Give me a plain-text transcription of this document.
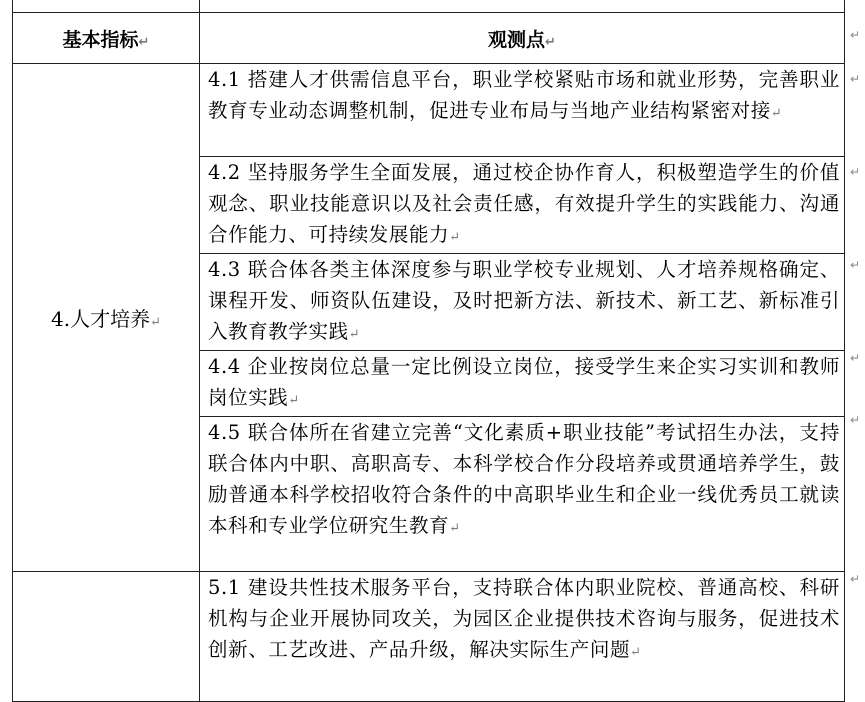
基本指标 ↵	观测点 ↵
4.人才培养 ↵	4.1 搭建人才供需信息平台，职业学校紧贴市场和就业形势，完善职业教育专业动态调整机制，促进专业布局与当地产业结构紧密对接 ↵
	4.2 坚持服务学生全面发展，通过校企协作育人，积极塑造学生的价值观念、职业技能意识以及社会责任感，有效提升学生的实践能力、沟通合作能力、可持续发展能力 ↵
	4.3 联合体各类主体深度参与职业学校专业规划、人才培养规格确定、课程开发、师资队伍建设，及时把新方法、新技术、新工艺、新标准引入教育教学实践 ↵
	4.4 企业按岗位总量一定比例设立岗位，接受学生来企实习实训和教师岗位实践 ↵
	4.5 联合体所在省建立完善“文化素质+职业技能”考试招生办法，支持联合体内中职、高职高专、本科学校合作分段培养或贯通培养学生，鼓励普通本科学校招收符合条件的中高职毕业生和企业一线优秀员工就读本科和专业学位研究生教育 ↵
	5.1 建设共性技术服务平台，支持联合体内职业院校、普通高校、科研机构与企业开展协同攻关，为园区企业提供技术咨询与服务，促进技术创新、工艺改进、产品升级，解决实际生产问题 ↵
↵
↵
↵
↵
↵
↵
↵
